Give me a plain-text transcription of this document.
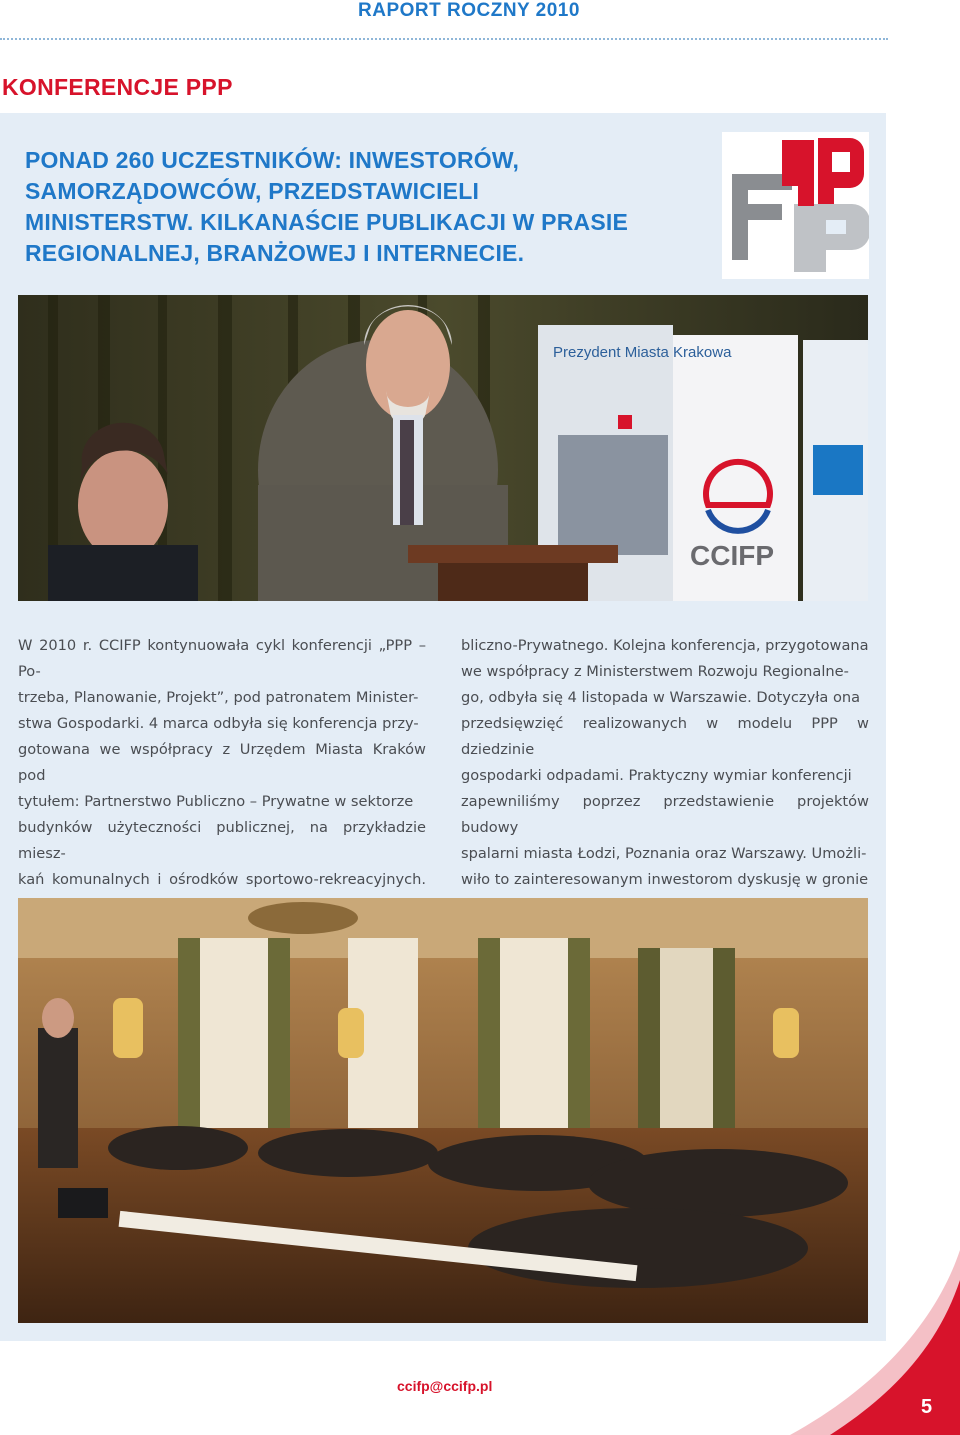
RAPORT ROCZNY 2010
KONFERENCJE PPP

PONAD 260 UCZESTNIKÓW: INWESTORÓW,
SAMORZĄDOWCÓW, PRZEDSTAWICIELI
MINISTERSTW. KILKANAŚCIE PUBLIKACJI W PRASIE
REGIONALNEJ, BRANŻOWEJ I INTERNECIE.

CCIFP
Prezydent Miasta Krakowa

W 2010 r. CCIFP kontynuowała cykl konferencji „PPP – Po-
trzeba, Planowanie, Projekt”, pod patronatem Minister-
stwa Gospodarki. 4 marca odbyła się konferencja przy-
gotowana we współpracy z Urzędem Miasta Kraków pod
tytułem: Partnerstwo Publiczno – Prywatne w sektorze
budynków użyteczności publicznej, na przykładzie miesz-
kań komunalnych i ośrodków sportowo-rekreacyjnych.

bliczno-Prywatnego. Kolejna konferencja, przygotowana
we współpracy z Ministerstwem Rozwoju Regionalne-
go, odbyła się 4 listopada w Warszawie. Dotyczyła ona
przedsięwzięć realizowanych w modelu PPP w dziedzinie
gospodarki odpadami. Praktyczny wymiar konferencji
zapewniliśmy poprzez przedstawienie projektów budowy
spalarni miasta Łodzi, Poznania oraz Warszawy. Umożli-
wiło to zainteresowanym inwestorom dyskusję w gronie

ccifp@ccifp.pl
5
